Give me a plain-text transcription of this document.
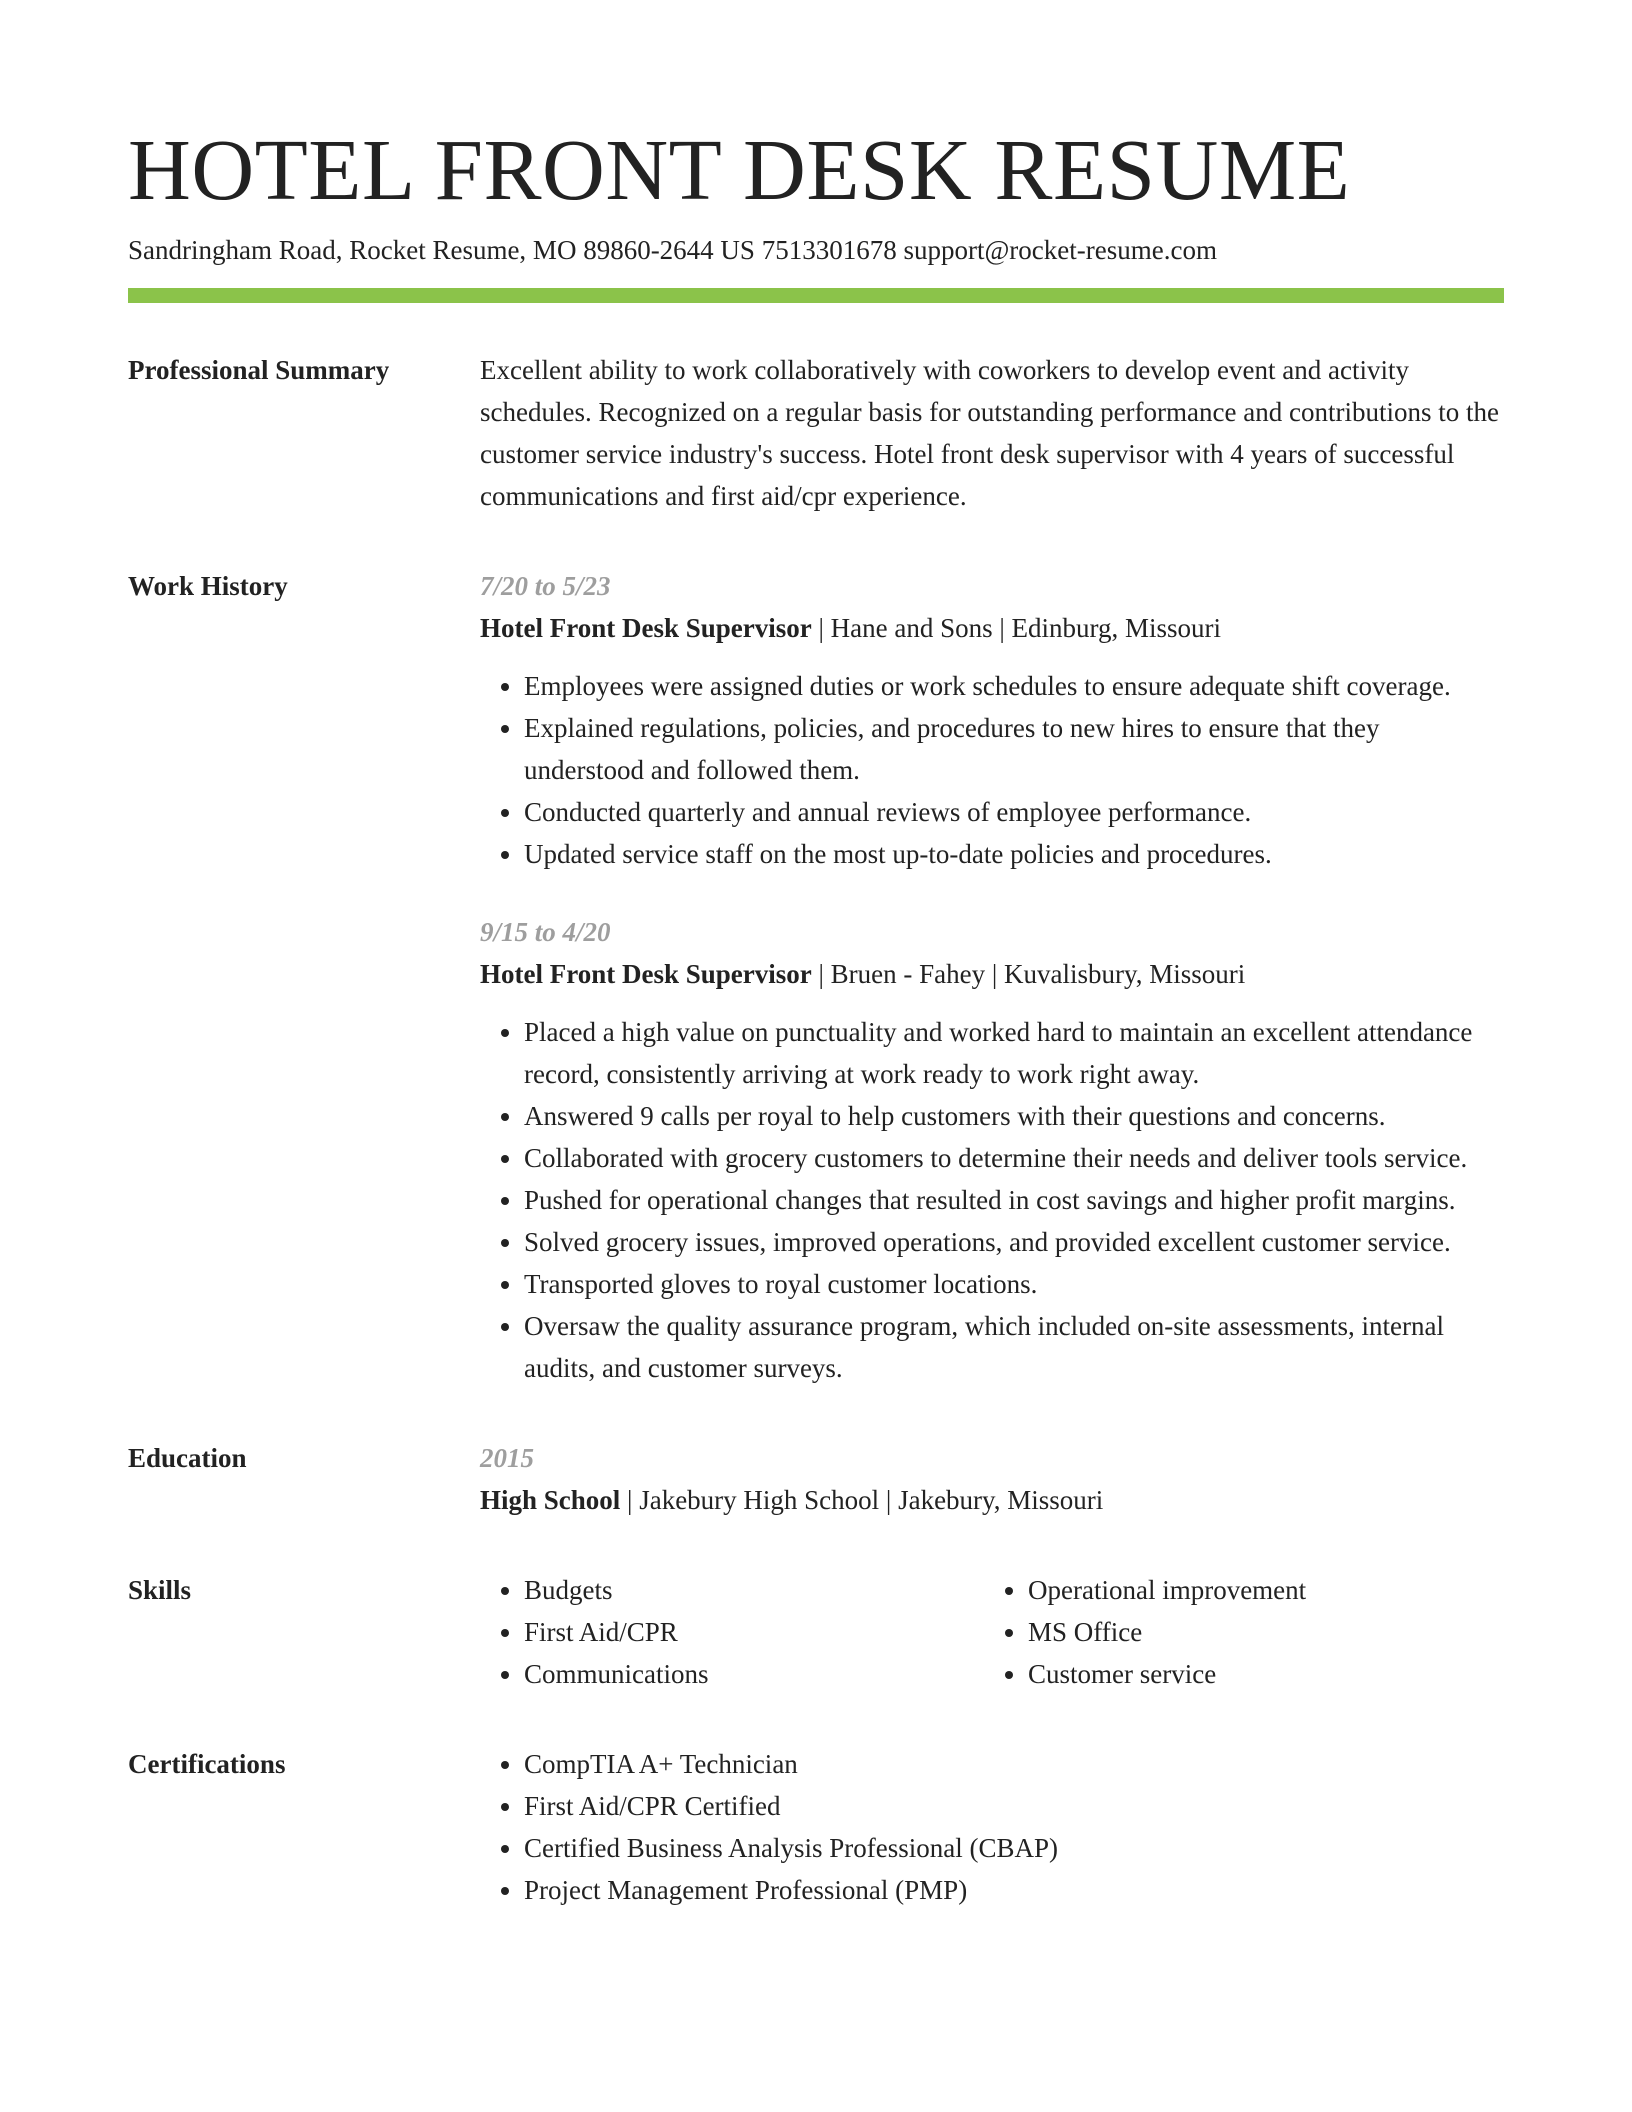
HOTEL FRONT DESK RESUME
Sandringham Road, Rocket Resume, MO 89860-2644 US 7513301678 support@rocket-resume.com
Professional Summary	Excellent ability to work collaboratively with coworkers to develop event and activity schedules. Recognized on a regular basis for outstanding performance and contributions to the customer service industry's success. Hotel front desk supervisor with 4 years of successful communications and first aid/cpr experience.
Work History	7/20 to 5/23
Hotel Front Desk Supervisor | Hane and Sons | Edinburg, Missouri
• Employees were assigned duties or work schedules to ensure adequate shift coverage.
• Explained regulations, policies, and procedures to new hires to ensure that they understood and followed them.
• Conducted quarterly and annual reviews of employee performance.
• Updated service staff on the most up-to-date policies and procedures.
9/15 to 4/20
Hotel Front Desk Supervisor | Bruen - Fahey | Kuvalisbury, Missouri
• Placed a high value on punctuality and worked hard to maintain an excellent attendance record, consistently arriving at work ready to work right away.
• Answered 9 calls per royal to help customers with their questions and concerns.
• Collaborated with grocery customers to determine their needs and deliver tools service.
• Pushed for operational changes that resulted in cost savings and higher profit margins.
• Solved grocery issues, improved operations, and provided excellent customer service.
• Transported gloves to royal customer locations.
• Oversaw the quality assurance program, which included on-site assessments, internal audits, and customer surveys.
Education	2015
High School | Jakebury High School | Jakebury, Missouri
Skills	• Budgets
• First Aid/CPR
• Communications
• Operational improvement
• MS Office
• Customer service
Certifications	• CompTIA A+ Technician
• First Aid/CPR Certified
• Certified Business Analysis Professional (CBAP)
• Project Management Professional (PMP)
